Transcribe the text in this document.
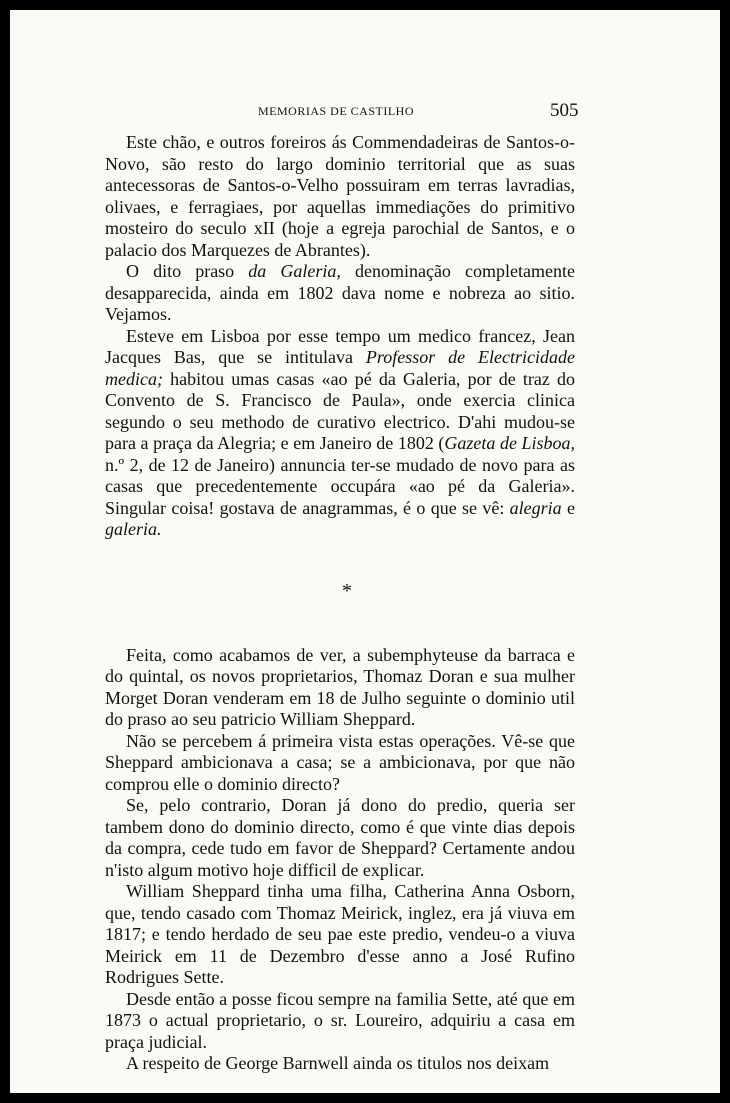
MEMORIAS DE CASTILHO	505

Este chão, e outros foreiros ás Commendadeiras de Santos-o-Novo, são resto do largo dominio territorial que as suas antecessoras de Santos-o-Velho possuiram em terras lavradias, olivaes, e ferragiaes, por aquellas immediações do primitivo mosteiro do seculo xII (hoje a egreja parochial de Santos, e o palacio dos Marquezes de Abrantes).

O dito praso da Galeria, denominação completamente desapparecida, ainda em 1802 dava nome e nobreza ao sitio. Vejamos.

Esteve em Lisboa por esse tempo um medico francez, Jean Jacques Bas, que se intitulava Professor de Electricidade medica; habitou umas casas «ao pé da Galeria, por de traz do Convento de S. Francisco de Paula», onde exercia clinica segundo o seu methodo de curativo electrico. D'ahi mudou-se para a praça da Alegria; e em Janeiro de 1802 (Gazeta de Lisboa, n.º 2, de 12 de Janeiro) annuncia ter-se mudado de novo para as casas que precedentemente occupára «ao pé da Galeria». Singular coisa! gostava de anagrammas, é o que se vê: alegria e galeria.

*

Feita, como acabamos de ver, a subemphyteuse da barraca e do quintal, os novos proprietarios, Thomaz Doran e sua mulher Morget Doran venderam em 18 de Julho seguinte o dominio util do praso ao seu patricio William Sheppard.

Não se percebem á primeira vista estas operações. Vê-se que Sheppard ambicionava a casa; se a ambicionava, por que não comprou elle o dominio directo?

Se, pelo contrario, Doran já dono do predio, queria ser tambem dono do dominio directo, como é que vinte dias depois da compra, cede tudo em favor de Sheppard? Certamente andou n'isto algum motivo hoje difficil de explicar.

William Sheppard tinha uma filha, Catherina Anna Osborn, que, tendo casado com Thomaz Meirick, inglez, era já viuva em 1817; e tendo herdado de seu pae este predio, vendeu-o a viuva Meirick em 11 de Dezembro d'esse anno a José Rufino Rodrigues Sette.

Desde então a posse ficou sempre na familia Sette, até que em 1873 o actual proprietario, o sr. Loureiro, adquiriu a casa em praça judicial.

A respeito de George Barnwell ainda os titulos nos deixam
